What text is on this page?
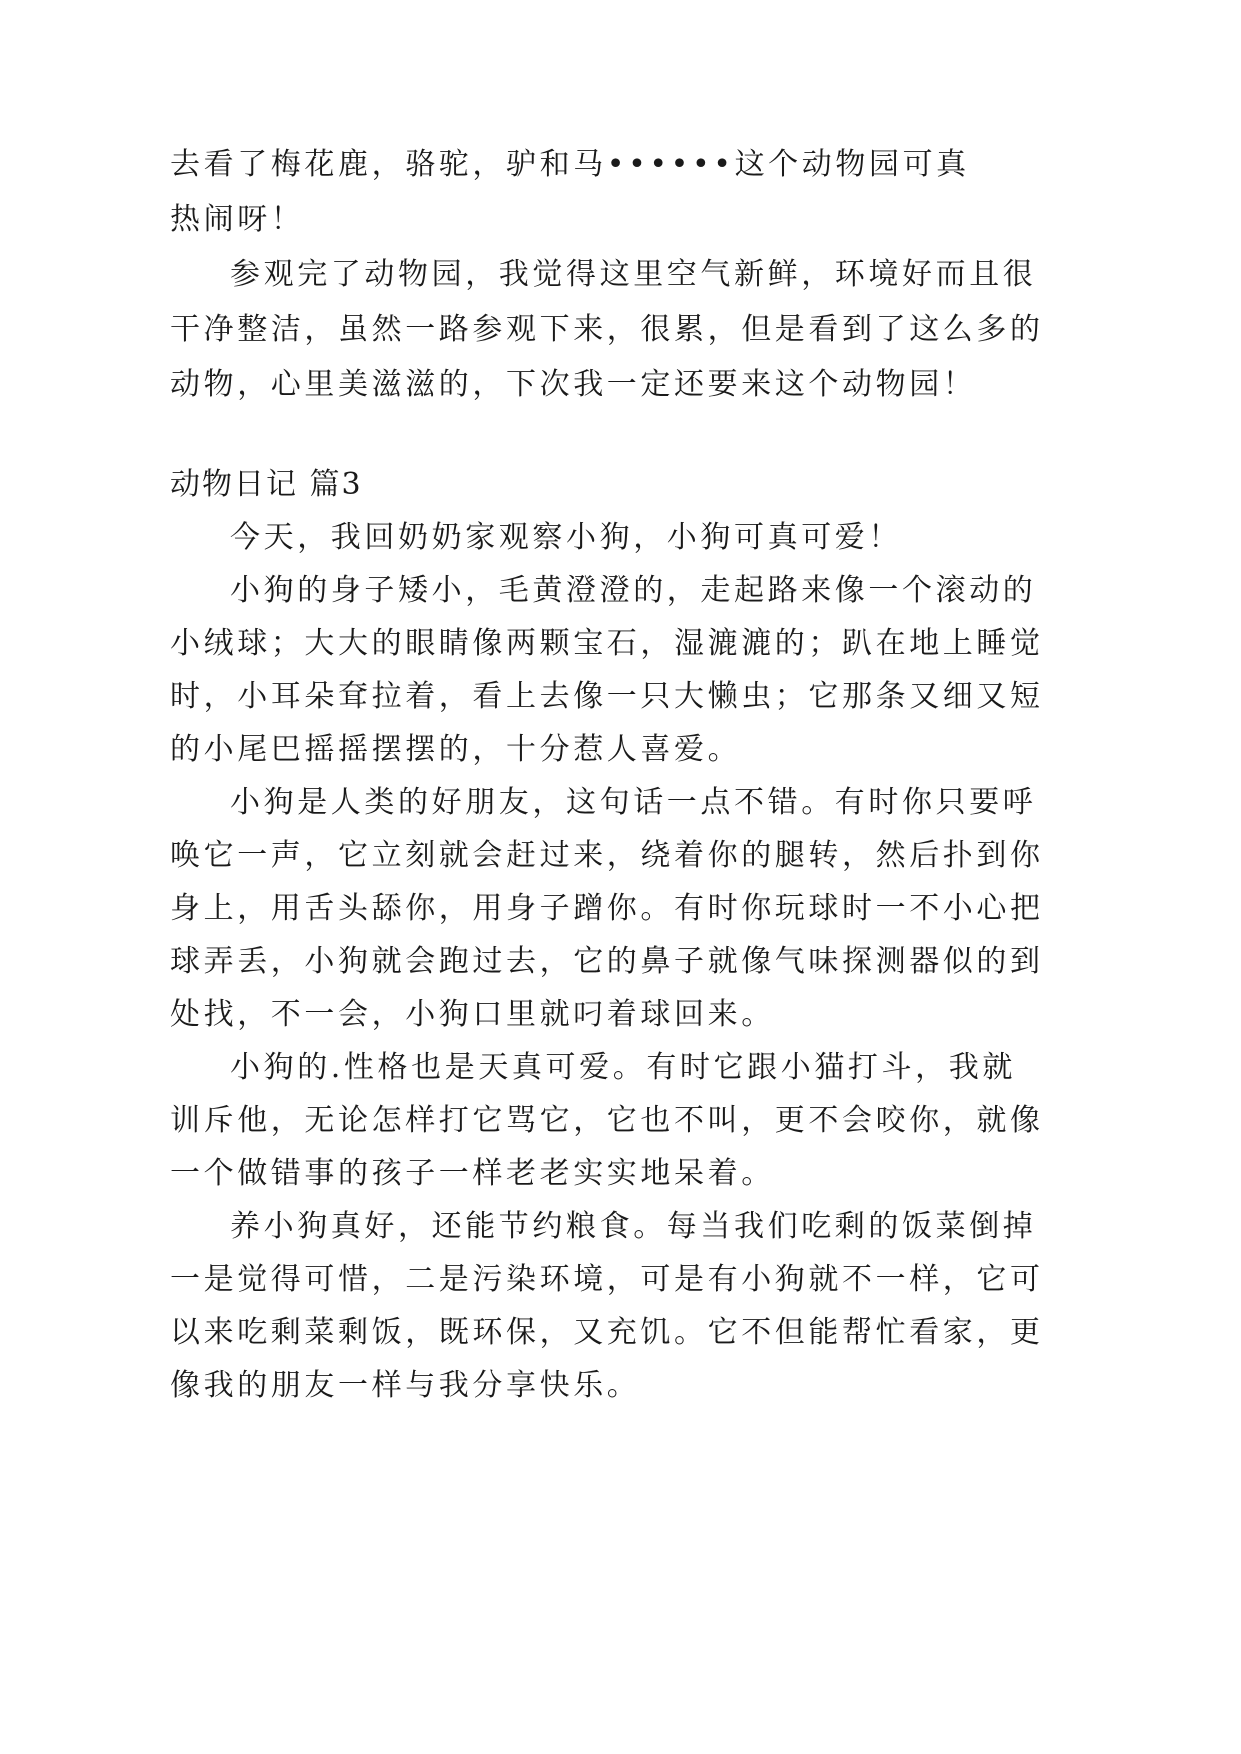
去看了梅花鹿，骆驼，驴和马••••••这个动物园可真
热闹呀！
参观完了动物园，我觉得这里空气新鲜，环境好而且很
干净整洁，虽然一路参观下来，很累，但是看到了这么多的
动物，心里美滋滋的，下次我一定还要来这个动物园！
动物日记 篇3
今天，我回奶奶家观察小狗，小狗可真可爱！
小狗的身子矮小，毛黄澄澄的，走起路来像一个滚动的
小绒球；大大的眼睛像两颗宝石，湿漉漉的；趴在地上睡觉
时，小耳朵耷拉着，看上去像一只大懒虫；它那条又细又短
的小尾巴摇摇摆摆的，十分惹人喜爱。
小狗是人类的好朋友，这句话一点不错。有时你只要呼
唤它一声，它立刻就会赶过来，绕着你的腿转，然后扑到你
身上，用舌头舔你，用身子蹭你。有时你玩球时一不小心把
球弄丢，小狗就会跑过去，它的鼻子就像气味探测器似的到
处找，不一会，小狗口里就叼着球回来。
小狗的.性格也是天真可爱。有时它跟小猫打斗，我就
训斥他，无论怎样打它骂它，它也不叫，更不会咬你，就像
一个做错事的孩子一样老老实实地呆着。
养小狗真好，还能节约粮食。每当我们吃剩的饭菜倒掉
一是觉得可惜，二是污染环境，可是有小狗就不一样，它可
以来吃剩菜剩饭，既环保，又充饥。它不但能帮忙看家，更
像我的朋友一样与我分享快乐。
